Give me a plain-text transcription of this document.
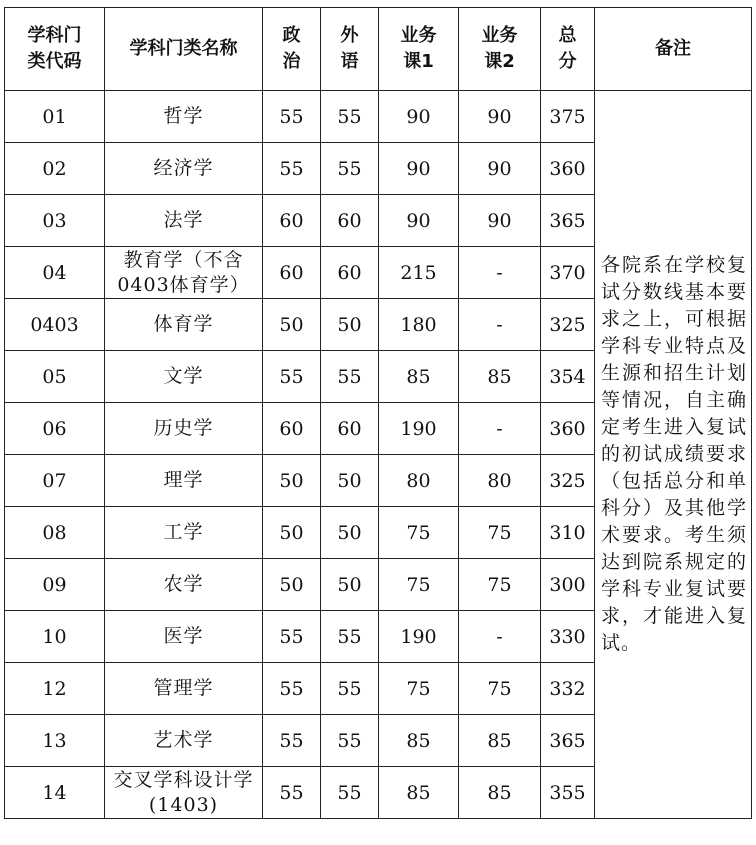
学科门类代码	学科门类名称	政治	外语	业务课1	业务课2	总分	备注
01	哲学	55	55	90	90	375	各院系在学校复试分数线基本要求之上，可根据学科专业特点及生源和招生计划等情况，自主确定考生进入复试的初试成绩要求（包括总分和单科分）及其他学术要求。考生须达到院系规定的学科专业复试要求，才能进入复试。

02	经济学	55	55	90	90	360	
03	法学	60	60	90	90	365	
04	教育学（不含0403体育学）	60	60	215	-	370	
0403	体育学	50	50	180	-	325	
05	文学	55	55	85	85	354	
06	历史学	60	60	190	-	360	
07	理学	50	50	80	80	325	
08	工学	50	50	75	75	310	
09	农学	50	50	75	75	300	
10	医学	55	55	190	-	330	
12	管理学	55	55	75	75	332	
13	艺术学	55	55	85	85	365	
14	交叉学科设计学(1403)	55	55	85	85	355	
